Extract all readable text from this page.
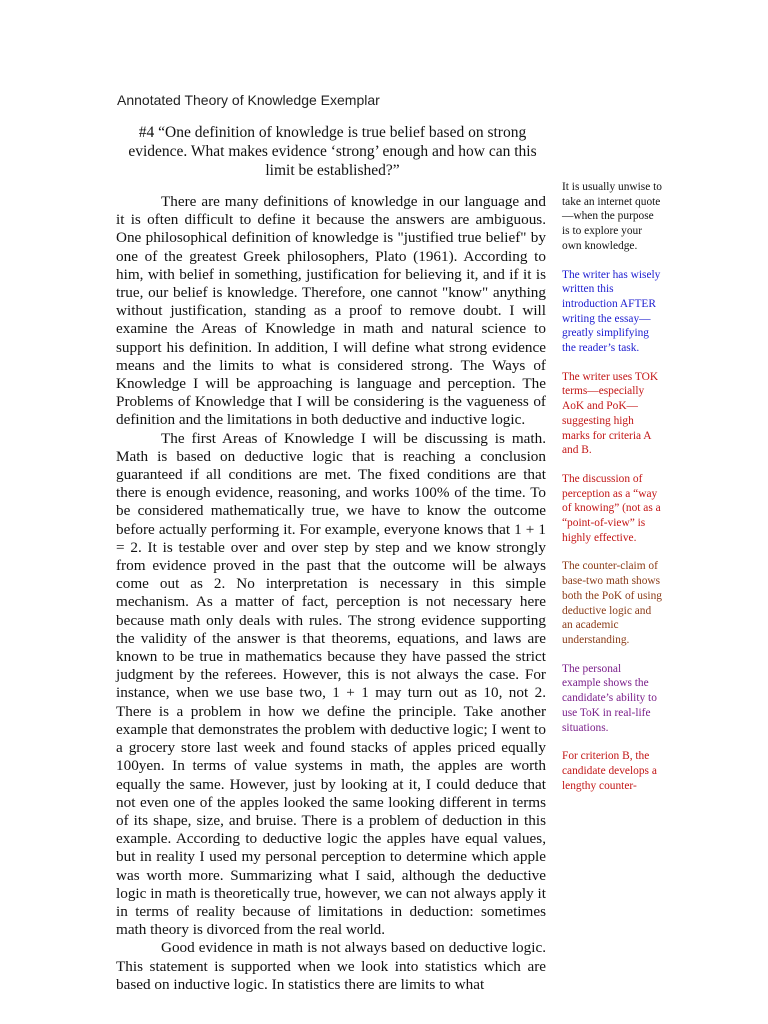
Annotated Theory of Knowledge Exemplar
#4 “One definition of knowledge is true belief based on strong evidence. What makes evidence ‘strong’ enough and how can this limit be established?”

There are many definitions of knowledge in our language and it is often difficult to define it because the answers are ambiguous. One philosophical definition of knowledge is "justified true belief" by one of the greatest Greek philosophers, Plato (1961). According to him, with belief in something, justification for believing it, and if it is true, our belief is knowledge. Therefore, one cannot "know" anything without justification, standing as a proof to remove doubt. I will examine the Areas of Knowledge in math and natural science to support his definition. In addition, I will define what strong evidence means and the limits to what is considered strong. The Ways of Knowledge I will be approaching is language and perception. The Problems of Knowledge that I will be considering is the vagueness of definition and the limitations in both deductive and inductive logic.

The first Areas of Knowledge I will be discussing is math. Math is based on deductive logic that is reaching a conclusion guaranteed if all conditions are met. The fixed conditions are that there is enough evidence, reasoning, and works 100% of the time. To be considered mathematically true, we have to know the outcome before actually performing it. For example, everyone knows that 1 + 1 = 2. It is testable over and over step by step and we know strongly from evidence proved in the past that the outcome will be always come out as 2. No interpretation is necessary in this simple mechanism. As a matter of fact, perception is not necessary here because math only deals with rules. The strong evidence supporting the validity of the answer is that theorems, equations, and laws are known to be true in mathematics because they have passed the strict judgment by the referees. However, this is not always the case. For instance, when we use base two, 1 + 1 may turn out as 10, not 2. There is a problem in how we define the principle. Take another example that demonstrates the problem with deductive logic; I went to a grocery store last week and found stacks of apples priced equally 100yen. In terms of value systems in math, the apples are worth equally the same. However, just by looking at it, I could deduce that not even one of the apples looked the same looking different in terms of its shape, size, and bruise. There is a problem of deduction in this example. According to deductive logic the apples have equal values, but in reality I used my personal perception to determine which apple was worth more. Summarizing what I said, although the deductive logic in math is theoretically true, however, we can not always apply it in terms of reality because of limitations in deduction: sometimes math theory is divorced from the real world.

Good evidence in math is not always based on deductive logic. This statement is supported when we look into statistics which are based on inductive logic. In statistics there are limits to what

It is usually unwise to take an internet quote—when the purpose is to explore your own knowledge.

The writer has wisely written this introduction AFTER writing the essay—greatly simplifying the reader’s task.

The writer uses TOK terms—especially AoK and PoK—suggesting high marks for criteria A and B.

The discussion of perception as a “way of knowing” (not as a “point-of-view” is highly effective.

The counter-claim of base-two math shows both the PoK of using deductive logic and an academic understanding.

The personal example shows the candidate’s ability to use ToK in real-life situations.

For criterion B, the candidate develops a lengthy counter-
